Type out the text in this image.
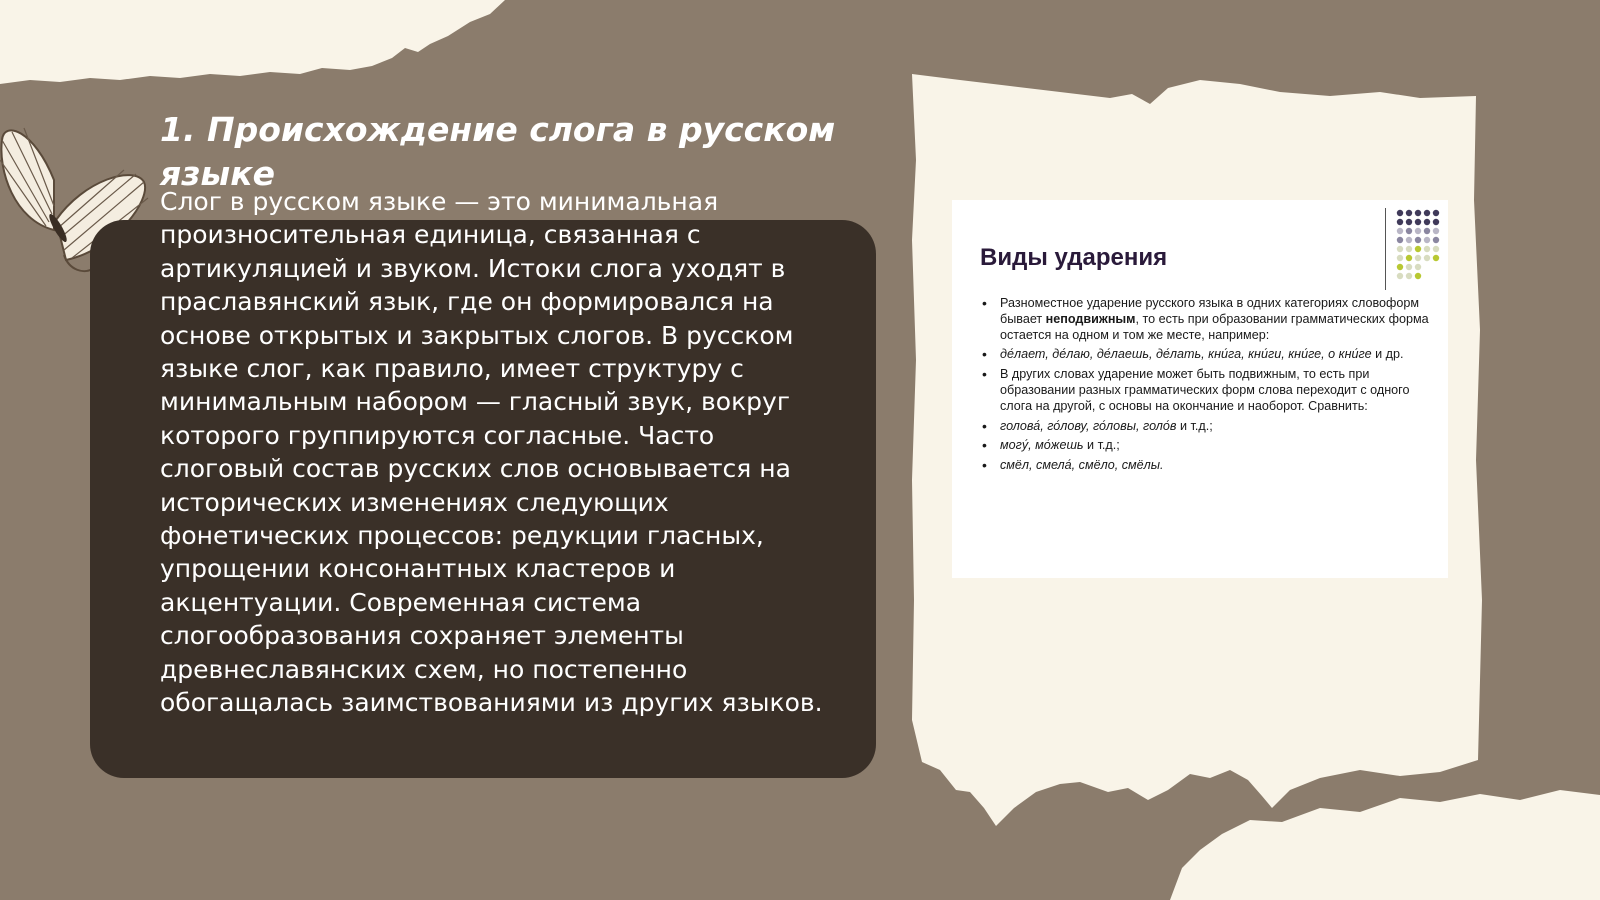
1. Происхождение слога в русском языке

Слог в русском языке — это минимальная произносительная единица, связанная с артикуляцией и звуком. Истоки слога уходят в праславянский язык, где он формировался на основе открытых и закрытых слогов. В русском языке слог, как правило, имеет структуру с минимальным набором — гласный звук, вокруг которого группируются согласные. Часто слоговый состав русских слов основывается на исторических изменениях следующих фонетических процессов: редукции гласных, упрощении консонантных кластеров и акцентуации. Современная система слогообразования сохраняет элементы древнеславянских схем, но постепенно обогащалась заимствованиями из других языков.

Виды ударения
• Разноместное ударение русского языка в одних категориях словоформ бывает неподвижным, то есть при образовании грамматических форма остается на одном и том же месте, например:
• де́лает, де́лаю, де́лаешь, де́лать, кни́га, кни́ги, кни́ге, о кни́ге и др.
• В других словах ударение может быть подвижным, то есть при образовании разных грамматических форм слова переходит с одного слога на другой, с основы на окончание и наоборот. Сравнить:
• голова́, го́лову, го́ловы, голо́в и т.д.;
• могу́, мо́жешь и т.д.;
• смёл, смела́, смёло, смёлы.
